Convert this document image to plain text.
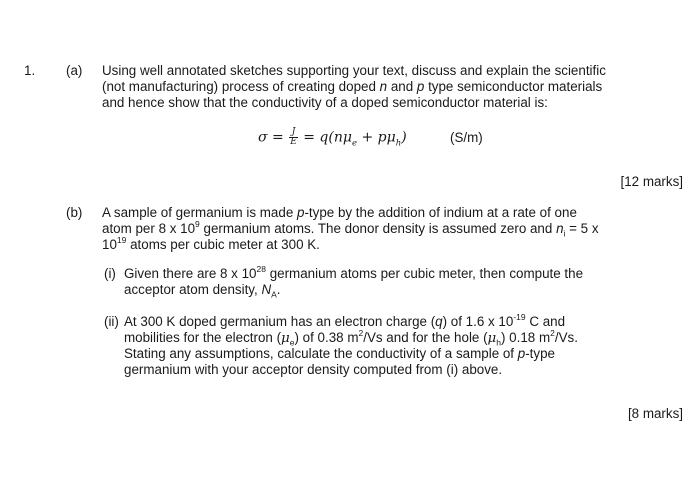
1. (a) Using well annotated sketches supporting your text, discuss and explain the scientific
(not manufacturing) process of creating doped n and p type semiconductor materials
and hence show that the conductivity of a doped semiconductor material is:
$\sigma = \frac{J}{E} = q(n\mu_e + p\mu_h)$	(S/m)
[12 marks]
(b) A sample of germanium is made p-type by the addition of indium at a rate of one
atom per 8 x $10^9$ germanium atoms. The donor density is assumed zero and $n_i = 5$ x
$10^{19}$ atoms per cubic meter at 300 K.
(i) Given there are 8 x $10^{28}$ germanium atoms per cubic meter, then compute the
acceptor atom density, $N_A$.
(ii) At 300 K doped germanium has an electron charge (q) of 1.6 x $10^{-19}$ C and
mobilities for the electron $(\mu_e)$ of 0.38 $m^2/Vs$ and for the hole $(\mu_h)$ 0.18 $m^2/Vs$.
Stating any assumptions, calculate the conductivity of a sample of p-type
germanium with your acceptor density computed from (i) above.
[8 marks]
